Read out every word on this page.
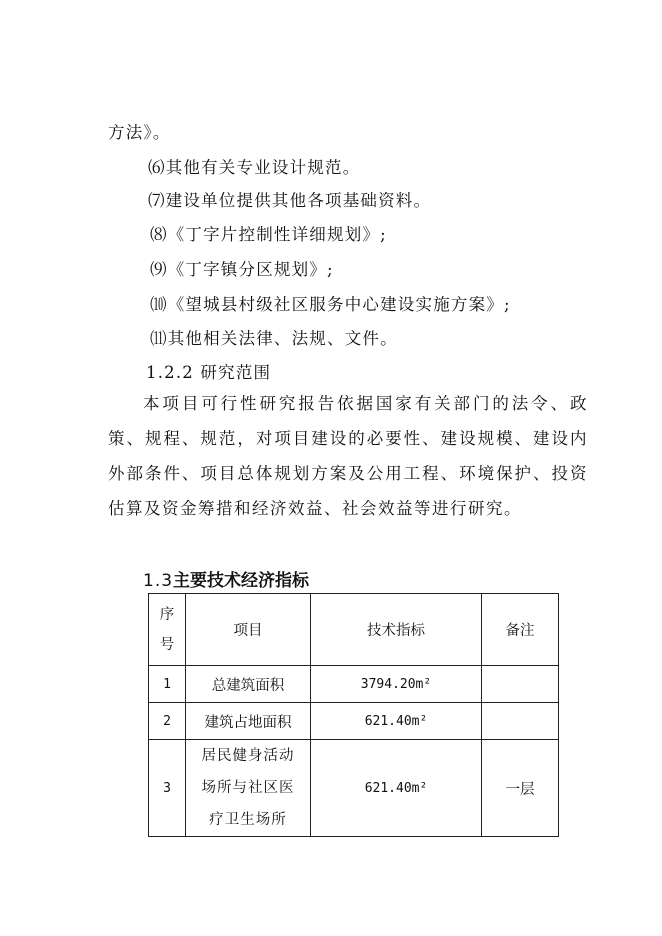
方法》。
⑹其他有关专业设计规范。
⑺建设单位提供其他各项基础资料。
⑻《丁字片控制性详细规划》;
⑼《丁字镇分区规划》;
⑽《望城县村级社区服务中心建设实施方案》;
⑾其他相关法律、法规、文件。
1.2.2 研究范围
本项目可行性研究报告依据国家有关部门的法令、政策、规程、规范，对项目建设的必要性、建设规模、建设内外部条件、项目总体规划方案及公用工程、环境保护、投资估算及资金筹措和经济效益、社会效益等进行研究。
1.3主要技术经济指标
序
号	项目	技术指标	备注
1	总建筑面积	3794.20m²	
2	建筑占地面积	621.40m²	
3	居民健身活动
场所与社区医
疗卫生场所	621.40m²	一层
